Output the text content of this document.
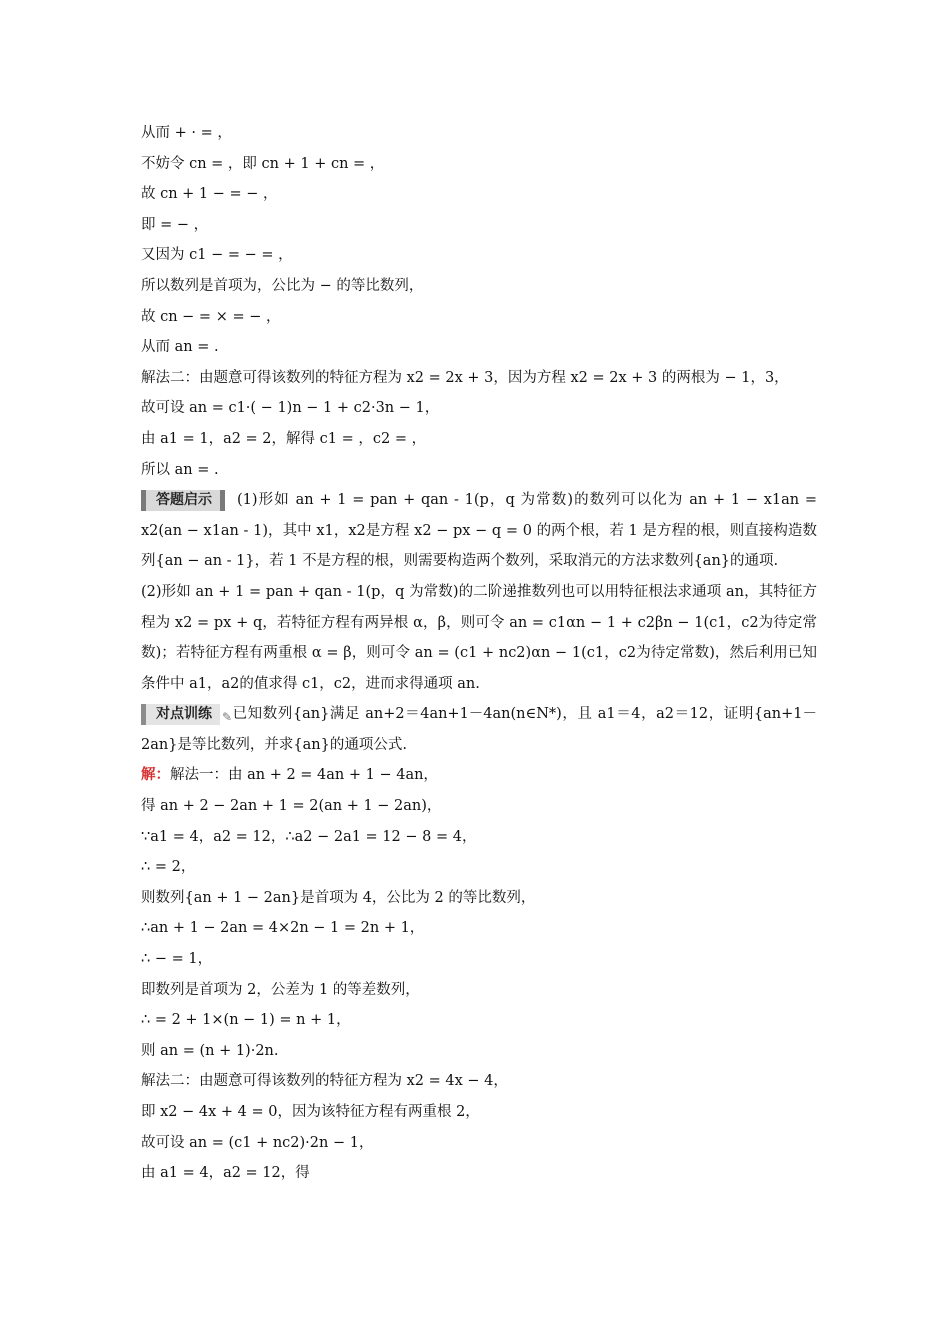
从而 + · = ，
不妨令 cn = ，即 cn + 1 + cn = ，
故 cn + 1 − = − ，
即 = − ，
又因为 c1 − = − = ，
所以数列是首项为，公比为 − 的等比数列，
故 cn − = × = − ，
从而 an = .
解法二：由题意可得该数列的特征方程为 x2 = 2x + 3，因为方程 x2 = 2x + 3 的两根为 − 1，3，
故可设 an = c1·( − 1)n − 1 + c2·3n − 1，
由 a1 = 1，a2 = 2，解得 c1 = ，c2 = ，
所以 an = .
答题启示 (1)形如 an + 1 = pan + qan - 1(p，q 为常数)的数列可以化为 an + 1 − x1an = x2(an − x1an - 1)，其中 x1，x2是方程 x2 − px − q = 0 的两个根，若 1 是方程的根，则直接构造数列{an − an - 1}，若 1 不是方程的根，则需要构造两个数列，采取消元的方法求数列{an}的通项.
(2)形如 an + 1 = pan + qan - 1(p，q 为常数)的二阶递推数列也可以用特征根法求通项 an，其特征方程为 x2 = px + q，若特征方程有两异根 α，β，则可令 an = c1αn − 1 + c2βn − 1(c1，c2为待定常数)；若特征方程有两重根 α = β，则可令 an = (c1 + nc2)αn − 1(c1，c2为待定常数)，然后利用已知条件中 a1，a2的值求得 c1，c2，进而求得通项 an.
对点训练 ✎ 已知数列{an}满足 an+2＝4an+1－4an(n∈N*)，且 a1＝4，a2＝12，证明{an+1－2an}是等比数列，并求{an}的通项公式.
解：解法一：由 an + 2 = 4an + 1 − 4an，
得 an + 2 − 2an + 1 = 2(an + 1 − 2an)，
∵a1 = 4，a2 = 12，∴a2 − 2a1 = 12 − 8 = 4，
∴ = 2，
则数列{an + 1 − 2an}是首项为 4，公比为 2 的等比数列，
∴an + 1 − 2an = 4×2n − 1 = 2n + 1，
∴ − = 1，
即数列是首项为 2，公差为 1 的等差数列，
∴ = 2 + 1×(n − 1) = n + 1，
则 an = (n + 1)·2n.
解法二：由题意可得该数列的特征方程为 x2 = 4x − 4，
即 x2 − 4x + 4 = 0，因为该特征方程有两重根 2，
故可设 an = (c1 + nc2)·2n − 1，
由 a1 = 4，a2 = 12，得
